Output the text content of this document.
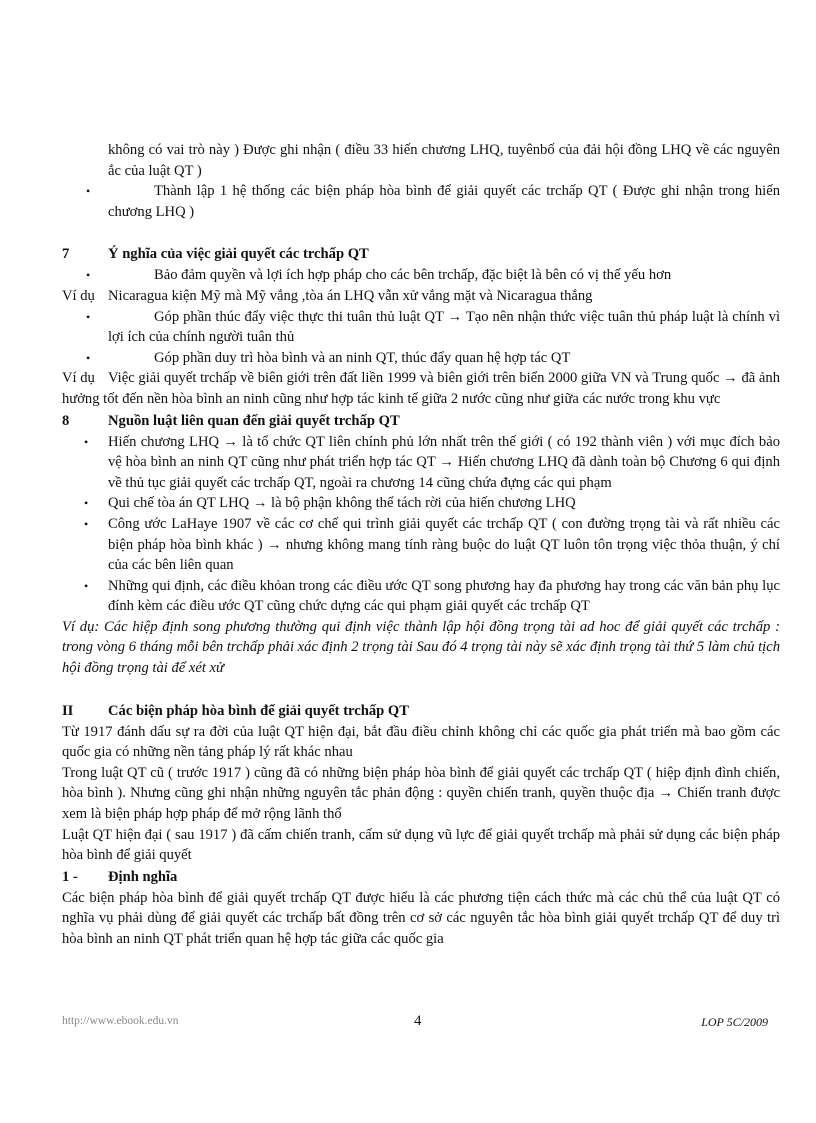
không có vai trò này ) Được ghi nhận ( điều 33 hiến chương LHQ, tuyênbố của đải hội đồng LHQ về các nguyên ắc của luật QT )

•	Thành lập 1 hệ thống các biện pháp hòa bình để giải quyết các trchấp QT ( Được ghi nhận trong hiến chương LHQ )
7	Ý nghĩa của việc giải quyết các trchấp QT
•	Bảo đảm quyền và lợi ích hợp pháp cho các bên trchấp, đặc biệt là bên có vị thế yếu hơn

Ví dụ Nicaragua kiện Mỹ mà Mỹ vắng ,tòa án LHQ vẫn xử vắng mặt và Nicaragua thắng

•	Góp phần thúc đẩy việc thực thi tuân thủ luật QT → Tạo nên nhận thức việc tuân thủ pháp luật là chính vì lợi ích của chính người tuân thủ
•	Góp phần duy trì hòa bình và an ninh QT, thúc đẩy quan hệ hợp tác QT

Ví dụ Việc giải quyết trchấp về biên giới trên đất liền 1999 và biên giới trên biển 2000 giữa VN và Trung quốc → đã ảnh hưởng tốt đến nền hòa bình an ninh cũng như hợp tác kinh tế giữa 2 nước cũng như giữa các nước trong khu vực

8	Nguồn luật liên quan đến giải quyết trchấp QT
• Hiến chương LHQ → là tổ chức QT liên chính phủ lớn nhất trên thế giới ( có 192 thành viên ) với mục đích bảo vệ hòa bình an ninh QT cũng như phát triển hợp tác QT → Hiến chương LHQ đã dành toàn bộ Chương 6 qui định về thủ tục giải quyết các trchấp QT, ngoài ra chương 14 cũng chứa đựng các qui phạm
• Qui chế tòa án QT LHQ → là bộ phận không thể tách rời của hiến chương LHQ
• Công ước LaHaye 1907 về các cơ chế qui trình giải quyết các trchấp QT ( con đường trọng tài và rất nhiều các biện pháp hòa bình khác ) → nhưng không mang tính ràng buộc do luật QT luôn tôn trọng việc thỏa thuận, ý chí của các bên liên quan
• Những qui định, các điều khỏan trong các điều ước QT song phương hay đa phương hay trong các văn bản phụ lục đính kèm các điều ước QT cũng chức dựng các qui phạm giải quyết các trchấp QT

Ví dụ: Các hiệp định song phương thường qui định việc thành lập hội đồng trọng tài ad hoc để giải quyết các trchấp : trong vòng 6 tháng mỗi bên trchấp phải xác định 2 trọng tài Sau đó 4 trọng tài này sẽ xác định trọng tài thứ 5 làm chủ tịch hội đồng trọng tài để xét xử

II Các biện pháp hòa bình để giải quyết trchấp QT

Từ 1917 đánh dấu sự ra đời của luật QT hiện đại, bắt đầu điều chỉnh không chỉ các quốc gia phát triển mà bao gồm các quốc gia có những nền tảng pháp lý rất khác nhau

Trong luật QT cũ ( trước 1917 ) cũng đã có những biện pháp hòa bình để giải quyết các trchấp QT ( hiệp định đình chiến, hòa bình ). Nhưng cũng ghi nhận những nguyên tắc phản động : quyền chiến tranh, quyền thuộc địa → Chiến tranh được xem là biện pháp hợp pháp để mở rộng lãnh thổ

Luật QT hiện đại ( sau 1917 ) đã cấm chiến tranh, cấm sử dụng vũ lực để giải quyết trchấp mà phải sử dụng các biện pháp hòa bình để giải quyết

1 - Định nghĩa

Các biện pháp hòa bình để giải quyết trchấp QT được hiểu là các phương tiện cách thức mà các chủ thể của luật QT có nghĩa vụ phải dùng để giải quyết các trchấp bất đồng trên cơ sở các nguyên tắc hòa bình giải quyết trchấp QT để duy trì hòa bình an ninh QT phát triển quan hệ hợp tác giữa các quốc gia

http://www.ebook.edu.vn	4	LOP 5C/2009
